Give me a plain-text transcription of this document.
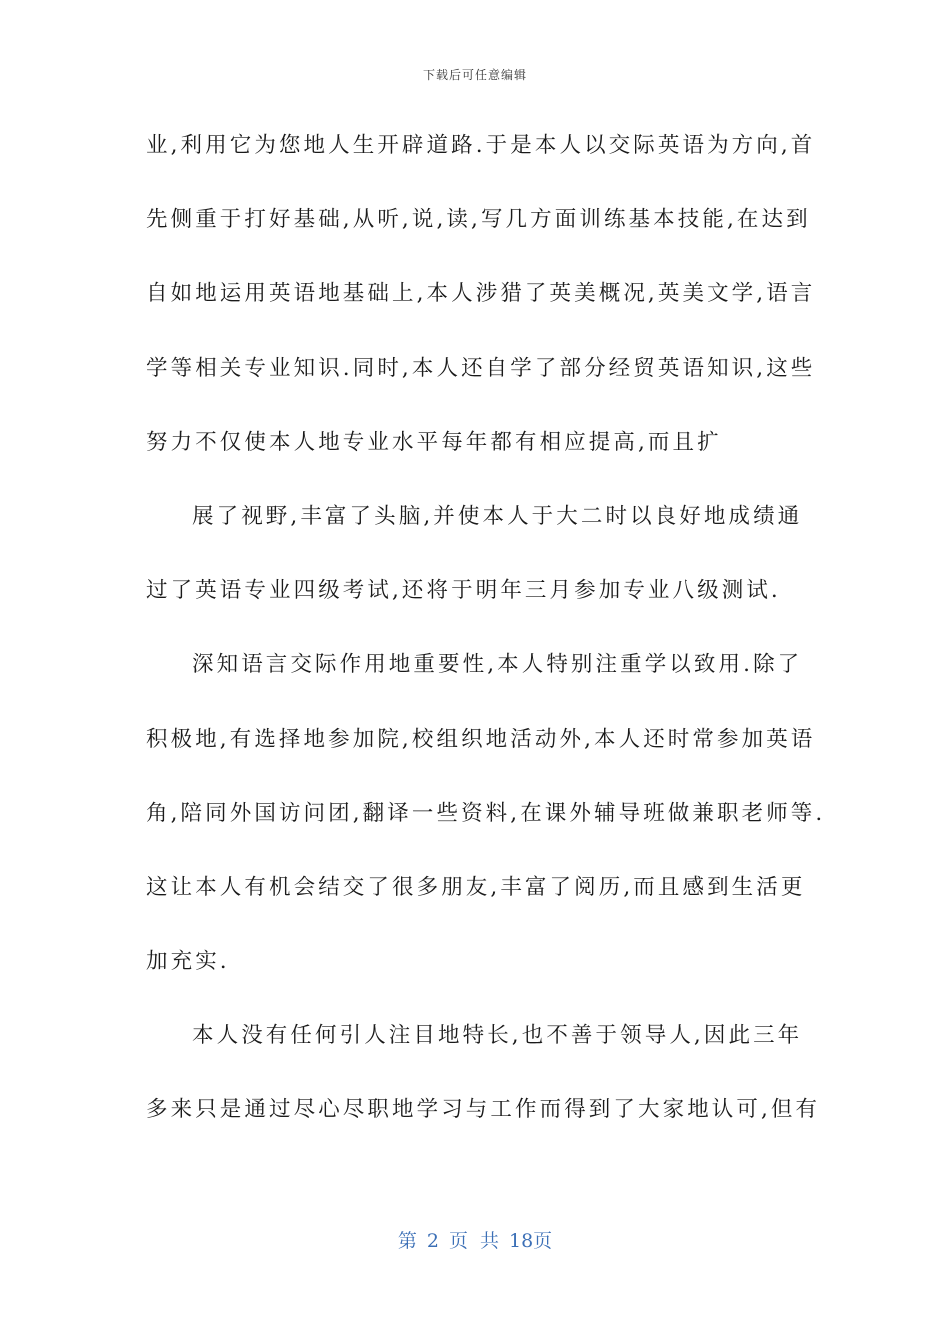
下载后可任意编辑
业,利用它为您地人生开辟道路.于是本人以交际英语为方向,首
先侧重于打好基础,从听,说,读,写几方面训练基本技能,在达到
自如地运用英语地基础上,本人涉猎了英美概况,英美文学,语言
学等相关专业知识.同时,本人还自学了部分经贸英语知识,这些
努力不仅使本人地专业水平每年都有相应提高,而且扩
展了视野,丰富了头脑,并使本人于大二时以良好地成绩通
过了英语专业四级考试,还将于明年三月参加专业八级测试.
深知语言交际作用地重要性,本人特别注重学以致用.除了
积极地,有选择地参加院,校组织地活动外,本人还时常参加英语
角,陪同外国访问团,翻译一些资料,在课外辅导班做兼职老师等.
这让本人有机会结交了很多朋友,丰富了阅历,而且感到生活更
加充实.
本人没有任何引人注目地特长,也不善于领导人,因此三年
多来只是通过尽心尽职地学习与工作而得到了大家地认可,但有
第 2 页 共 18页
